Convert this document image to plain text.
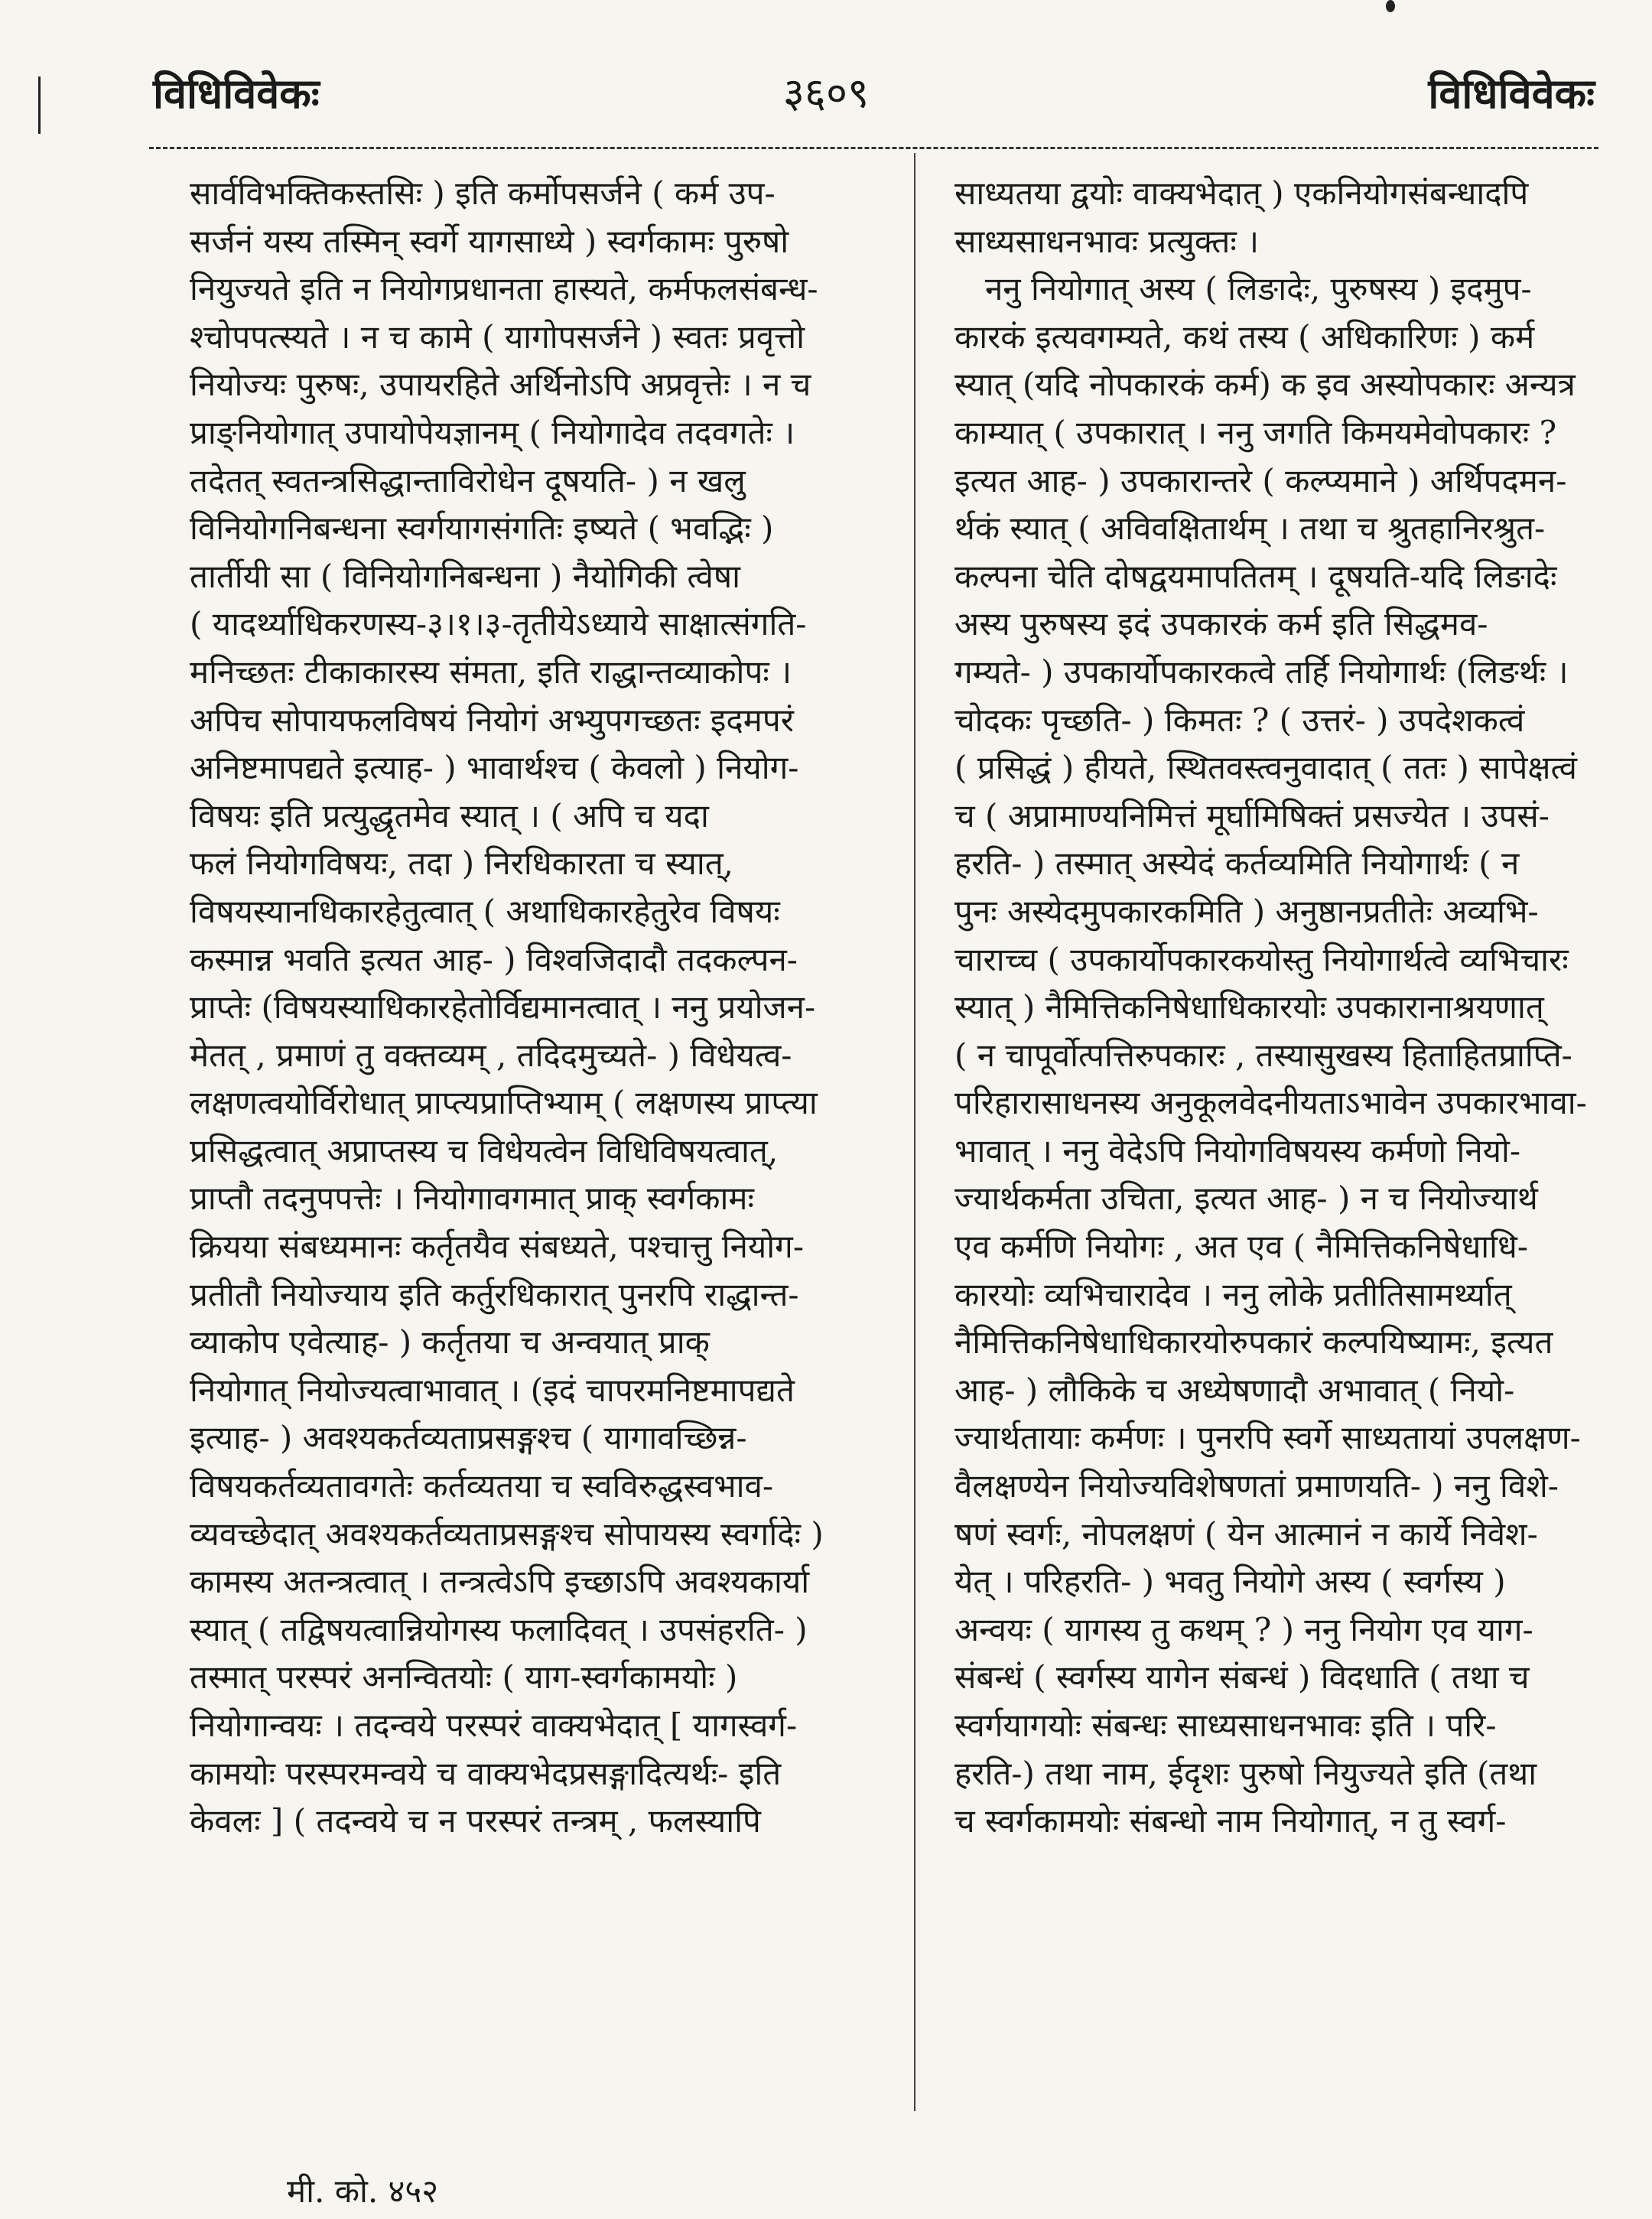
विधिविवेकः	३६०९	विधिविवेकः
सार्वविभक्तिकस्तसिः ) इति कर्मोपसर्जने ( कर्म उप-
सर्जनं यस्य तस्मिन् स्वर्गे यागसाध्ये ) स्वर्गकामः पुरुषो
नियुज्यते इति न नियोगप्रधानता हास्यते, कर्मफलसंबन्ध-
श्चोपपत्स्यते । न च कामे ( यागोपसर्जने ) स्वतः प्रवृत्तो
नियोज्यः पुरुषः, उपायरहिते अर्थिनोऽपि अप्रवृत्तेः । न च
प्राङ्नियोगात् उपायोपेयज्ञानम् ( नियोगादेव तदवगतेः ।
तदेतत् स्वतन्त्रसिद्धान्ताविरोधेन दूषयति- ) न खलु
विनियोगनिबन्धना स्वर्गयागसंगतिः इष्यते ( भवद्भिः )
तार्तीयी सा ( विनियोगनिबन्धना ) नैयोगिकी त्वेषा
( यादर्थ्याधिकरणस्य-३।१।३-तृतीयेऽध्याये साक्षात्संगति-
मनिच्छतः टीकाकारस्य संमता, इति राद्धान्तव्याकोपः ।
अपिच सोपायफलविषयं नियोगं अभ्युपगच्छतः इदमपरं
अनिष्टमापद्यते इत्याह- ) भावार्थश्च ( केवलो ) नियोग-
विषयः इति प्रत्युद्धृतमेव स्यात् । ( अपि च यदा
फलं नियोगविषयः, तदा ) निरधिकारता च स्यात्,
विषयस्यानधिकारहेतुत्वात् ( अथाधिकारहेतुरेव विषयः
कस्मान्न भवति इत्यत आह- ) विश्वजिदादौ तदकल्पन-
प्राप्तेः (विषयस्याधिकारहेतोर्विद्यमानत्वात् । ननु प्रयोजन-
मेतत् , प्रमाणं तु वक्तव्यम् , तदिदमुच्यते- ) विधेयत्व-
लक्षणत्वयोर्विरोधात् प्राप्त्यप्राप्तिभ्याम् ( लक्षणस्य प्राप्त्या
प्रसिद्धत्वात् अप्राप्तस्य च विधेयत्वेन विधिविषयत्वात्,
प्राप्तौ तदनुपपत्तेः । नियोगावगमात् प्राक् स्वर्गकामः
क्रियया संबध्यमानः कर्तृतयैव संबध्यते, पश्चात्तु नियोग-
प्रतीतौ नियोज्याय इति कर्तुरधिकारात् पुनरपि राद्धान्त-
व्याकोप एवेत्याह- ) कर्तृतया च अन्वयात् प्राक्
नियोगात् नियोज्यत्वाभावात् । (इदं चापरमनिष्टमापद्यते
इत्याह- ) अवश्यकर्तव्यताप्रसङ्गश्च ( यागावच्छिन्न-
विषयकर्तव्यतावगतेः कर्तव्यतया च स्वविरुद्धस्वभाव-
व्यवच्छेदात् अवश्यकर्तव्यताप्रसङ्गश्च सोपायस्य स्वर्गादेः )
कामस्य अतन्त्रत्वात् । तन्त्रत्वेऽपि इच्छाऽपि अवश्यकार्या
स्यात् ( तद्विषयत्वान्नियोगस्य फलादिवत् । उपसंहरति- )
तस्मात् परस्परं अनन्वितयोः ( याग-स्वर्गकामयोः )
नियोगान्वयः । तदन्वये परस्परं वाक्यभेदात् [ यागस्वर्ग-
कामयोः परस्परमन्वये च वाक्यभेदप्रसङ्गादित्यर्थः- इति
केवलः ] ( तदन्वये च न परस्परं तन्त्रम् , फलस्यापि
साध्यतया द्वयोः वाक्यभेदात् ) एकनियोगसंबन्धादपि
साध्यसाधनभावः प्रत्युक्तः ।
ननु नियोगात् अस्य ( लिङादेः, पुरुषस्य ) इदमुप-
कारकं इत्यवगम्यते, कथं तस्य ( अधिकारिणः ) कर्म
स्यात् (यदि नोपकारकं कर्म) क इव अस्योपकारः अन्यत्र
काम्यात् ( उपकारात् । ननु जगति किमयमेवोपकारः ?
इत्यत आह- ) उपकारान्तरे ( कल्प्यमाने ) अर्थिपदमन-
र्थकं स्यात् ( अविवक्षितार्थम् । तथा च श्रुतहानिरश्रुत-
कल्पना चेति दोषद्वयमापतितम् । दूषयति-यदि लिङादेः
अस्य पुरुषस्य इदं उपकारकं कर्म इति सिद्धमव-
गम्यते- ) उपकार्योपकारकत्वे तर्हि नियोगार्थः (लिङर्थः ।
चोदकः पृच्छति- ) किमतः ? ( उत्तरं- ) उपदेशकत्वं
( प्रसिद्धं ) हीयते, स्थितवस्त्वनुवादात् ( ततः ) सापेक्षत्वं
च ( अप्रामाण्यनिमित्तं मूर्घामिषिक्तं प्रसज्येत । उपसं-
हरति- ) तस्मात् अस्येदं कर्तव्यमिति नियोगार्थः ( न
पुनः अस्येदमुपकारकमिति ) अनुष्ठानप्रतीतेः अव्यभि-
चाराच्च ( उपकार्योपकारकयोस्तु नियोगार्थत्वे व्यभिचारः
स्यात् ) नैमित्तिकनिषेधाधिकारयोः उपकारानाश्रयणात्
( न चापूर्वोत्पत्तिरुपकारः , तस्यासुखस्य हिताहितप्राप्ति-
परिहारासाधनस्य अनुकूलवेदनीयताऽभावेन उपकारभावा-
भावात् । ननु वेदेऽपि नियोगविषयस्य कर्मणो नियो-
ज्यार्थकर्मता उचिता, इत्यत आह- ) न च नियोज्यार्थ
एव कर्मणि नियोगः , अत एव ( नैमित्तिकनिषेधाधि-
कारयोः व्यभिचारादेव । ननु लोके प्रतीतिसामर्थ्यात्
नैमित्तिकनिषेधाधिकारयोरुपकारं कल्पयिष्यामः, इत्यत
आह- ) लौकिके च अध्येषणादौ अभावात् ( नियो-
ज्यार्थतायाः कर्मणः । पुनरपि स्वर्गे साध्यतायां उपलक्षण-
वैलक्षण्येन नियोज्यविशेषणतां प्रमाणयति- ) ननु विशे-
षणं स्वर्गः, नोपलक्षणं ( येन आत्मानं न कार्ये निवेश-
येत् । परिहरति- ) भवतु नियोगे अस्य ( स्वर्गस्य )
अन्वयः ( यागस्य तु कथम् ? ) ननु नियोग एव याग-
संबन्धं ( स्वर्गस्य यागेन संबन्धं ) विदधाति ( तथा च
स्वर्गयागयोः संबन्धः साध्यसाधनभावः इति । परि-
हरति-) तथा नाम, ईदृशः पुरुषो नियुज्यते इति (तथा
च स्वर्गकामयोः संबन्धो नाम नियोगात्, न तु स्वर्ग-
मी. को. ४५२
